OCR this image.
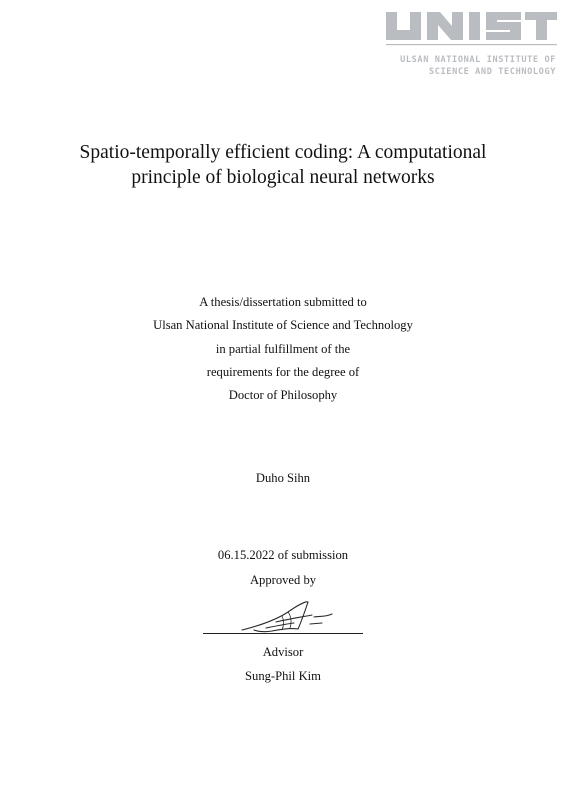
ULSAN NATIONAL INSTITUTE OF
SCIENCE AND TECHNOLOGY
Spatio-temporally efficient coding: A computational
principle of biological neural networks
A thesis/dissertation submitted to
Ulsan National Institute of Science and Technology
in partial fulfillment of the
requirements for the degree of
Doctor of Philosophy
Duho Sihn
06.15.2022 of submission
Approved by
Advisor
Sung-Phil Kim
